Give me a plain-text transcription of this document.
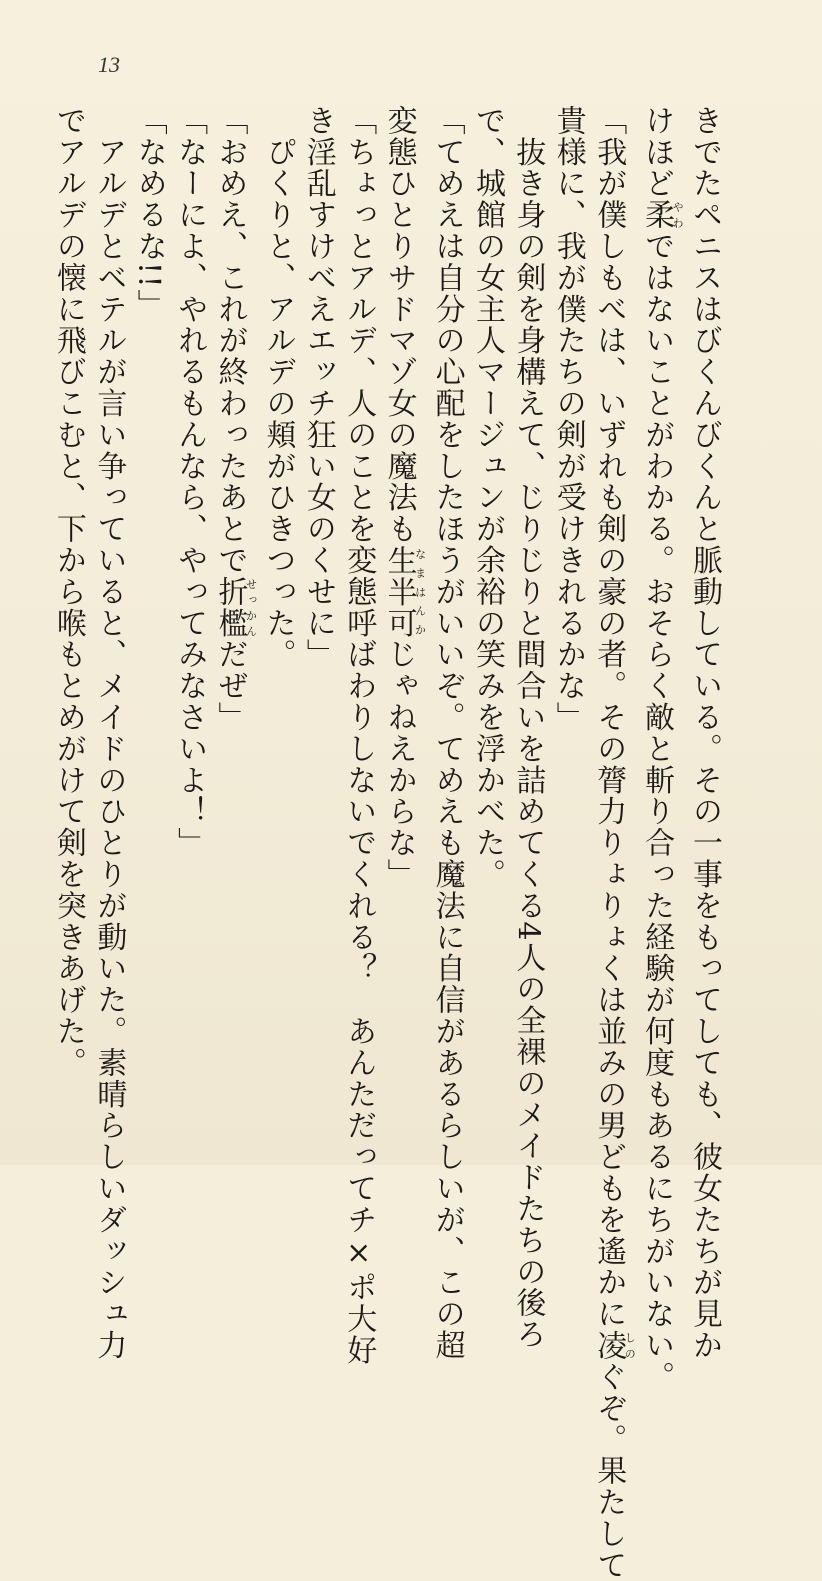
13
きでたペニスはびくんびくんと脈動している。その一事をもってしても、彼女たちが見か
けほど柔やわではないことがわかる。おそらく敵と斬り合った経験が何度もあるにちがいない。
「我が僕しもべは、いずれも剣の豪の者。その膂力りょりょくは並みの男どもを遙かに凌しのぐぞ。果たして
貴様に、我が僕たちの剣が受けきれるかな」
　抜き身の剣を身構えて、じりじりと間合いを詰めてくる4人の全裸のメイドたちの後ろ
で、城館の女主人マージュンが余裕の笑みを浮かべた。
「てめえは自分の心配をしたほうがいいぞ。てめえも魔法に自信があるらしいが、この超
変態ひとりサドマゾ女の魔法も生半可なまはんかじゃねえからな」
「ちょっとアルデ、人のことを変態呼ばわりしないでくれる？　あんただってチ×ポ大好
き淫乱すけべえエッチ狂い女のくせに」
　ぴくりと、アルデの頬がひきつった。
「おめえ、これが終わったあとで折檻せっかんだぜ」
「なーによ、やれるもんなら、やってみなさいよ！」
「なめるな!!」
　アルデとベテルが言い争っていると、メイドのひとりが動いた。素晴らしいダッシュ力
でアルデの懐に飛びこむと、下から喉もとめがけて剣を突きあげた。
